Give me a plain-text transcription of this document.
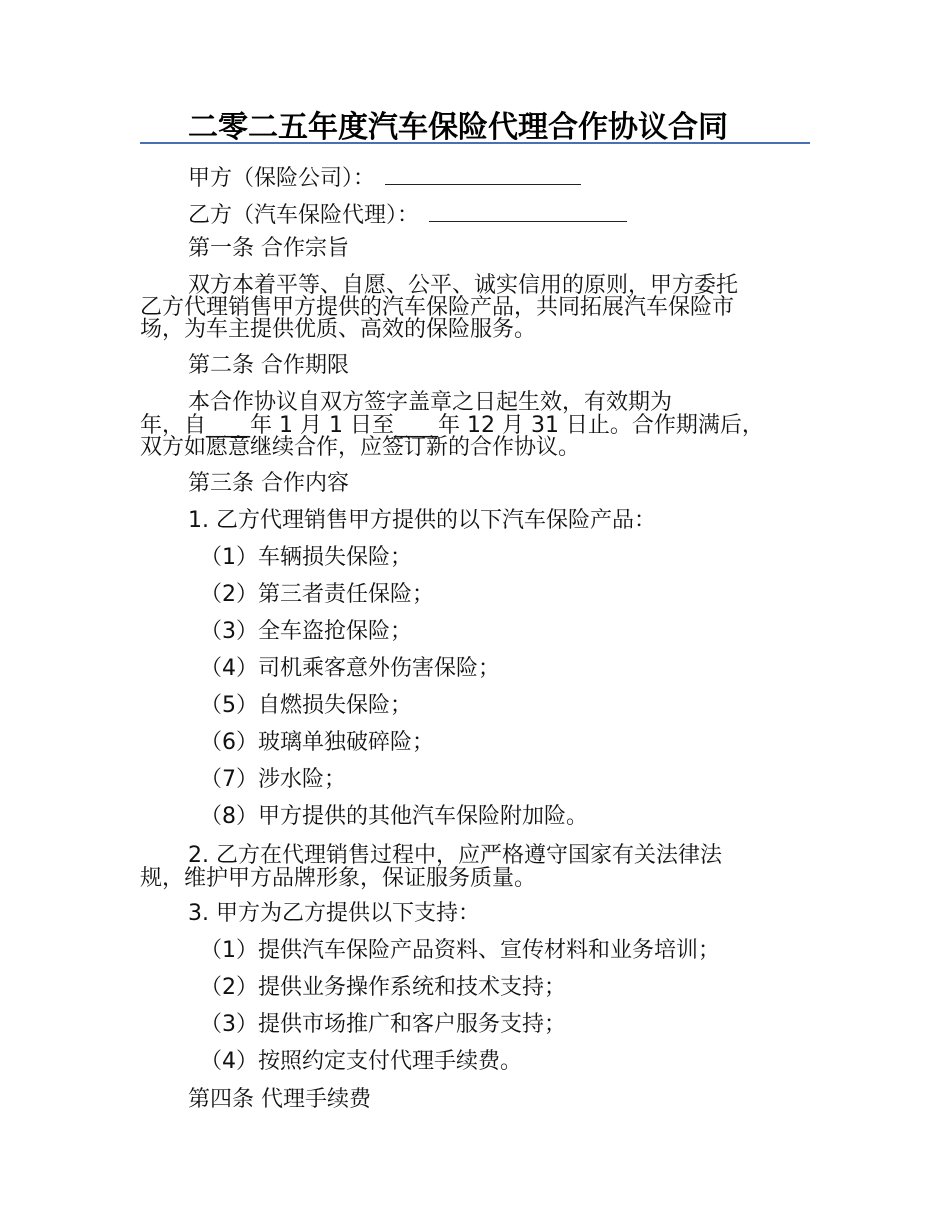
二零二五年度汽车保险代理合作协议合同
甲方（保险公司）：
乙方（汽车保险代理）：
第一条 合作宗旨
双方本着平等、自愿、公平、诚实信用的原则，甲方委托
乙方代理销售甲方提供的汽车保险产品，共同拓展汽车保险市
场，为车主提供优质、高效的保险服务。
第二条 合作期限
本合作协议自双方签字盖章之日起生效，有效期为
年，自____年 1 月 1 日至____年 12 月 31 日止。合作期满后，
双方如愿意继续合作，应签订新的合作协议。
第三条 合作内容
1. 乙方代理销售甲方提供的以下汽车保险产品：
（1）车辆损失保险；
（2）第三者责任保险；
（3）全车盗抢保险；
（4）司机乘客意外伤害保险；
（5）自燃损失保险；
（6）玻璃单独破碎险；
（7）涉水险；
（8）甲方提供的其他汽车保险附加险。
2. 乙方在代理销售过程中，应严格遵守国家有关法律法
规，维护甲方品牌形象，保证服务质量。
3. 甲方为乙方提供以下支持：
（1）提供汽车保险产品资料、宣传材料和业务培训；
（2）提供业务操作系统和技术支持；
（3）提供市场推广和客户服务支持；
（4）按照约定支付代理手续费。
第四条 代理手续费
